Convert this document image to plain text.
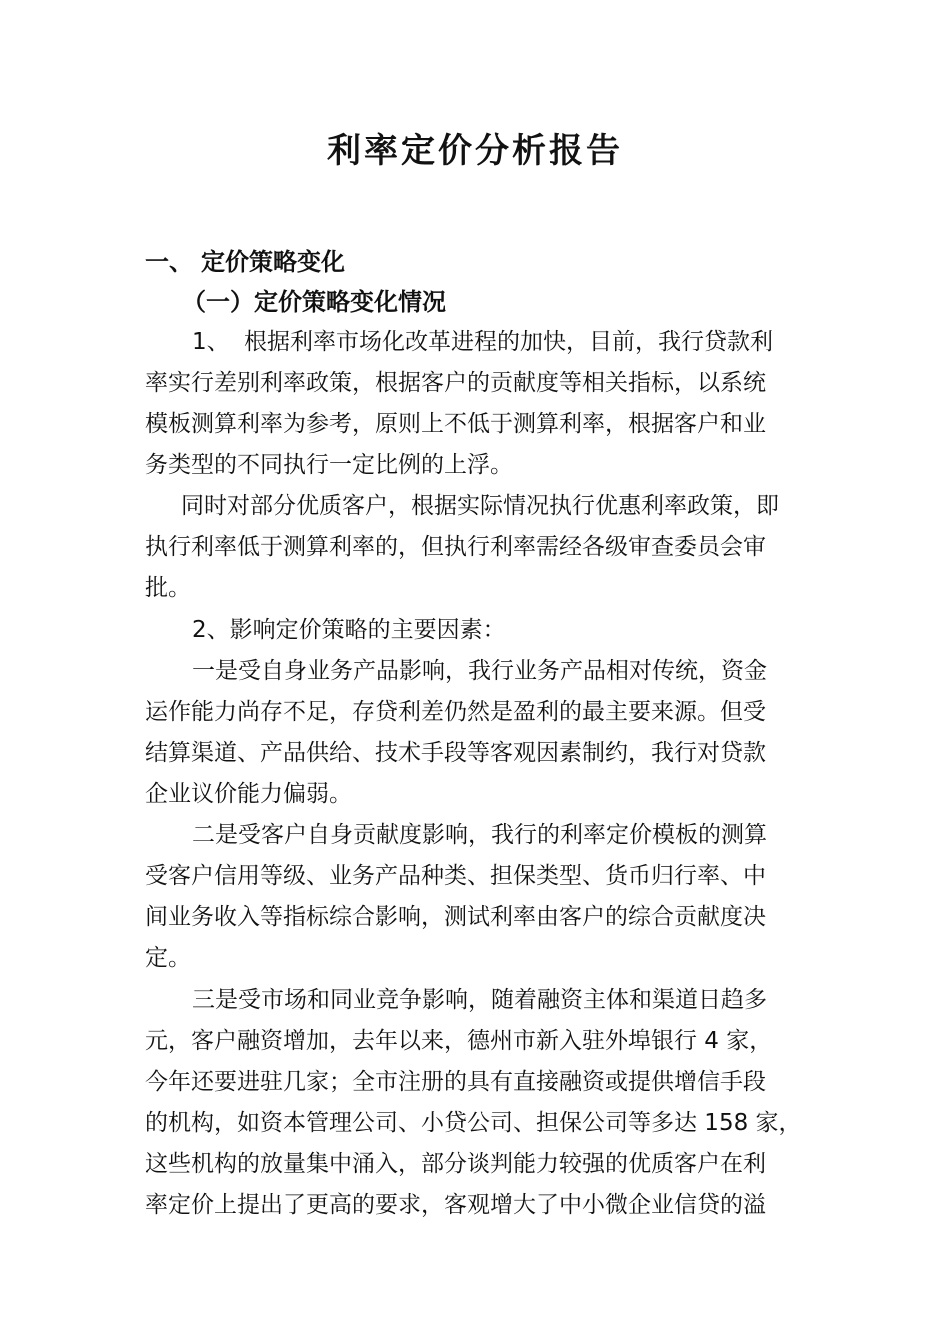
利率定价分析报告
一、 定价策略变化
（一）定价策略变化情况
1、 根据利率市场化改革进程的加快，目前，我行贷款利
率实行差别利率政策，根据客户的贡献度等相关指标，以系统
模板测算利率为参考，原则上不低于测算利率，根据客户和业
务类型的不同执行一定比例的上浮。
同时对部分优质客户，根据实际情况执行优惠利率政策，即
执行利率低于测算利率的，但执行利率需经各级审查委员会审
批。
2、影响定价策略的主要因素：
一是受自身业务产品影响，我行业务产品相对传统，资金
运作能力尚存不足，存贷利差仍然是盈利的最主要来源。但受
结算渠道、产品供给、技术手段等客观因素制约，我行对贷款
企业议价能力偏弱。
二是受客户自身贡献度影响，我行的利率定价模板的测算
受客户信用等级、业务产品种类、担保类型、货币归行率、中
间业务收入等指标综合影响，测试利率由客户的综合贡献度决
定。
三是受市场和同业竞争影响，随着融资主体和渠道日趋多
元，客户融资增加，去年以来，德州市新入驻外埠银行 4 家，
今年还要进驻几家；全市注册的具有直接融资或提供增信手段
的机构，如资本管理公司、小贷公司、担保公司等多达 158 家，
这些机构的放量集中涌入，部分谈判能力较强的优质客户在利
率定价上提出了更高的要求，客观增大了中小微企业信贷的溢
